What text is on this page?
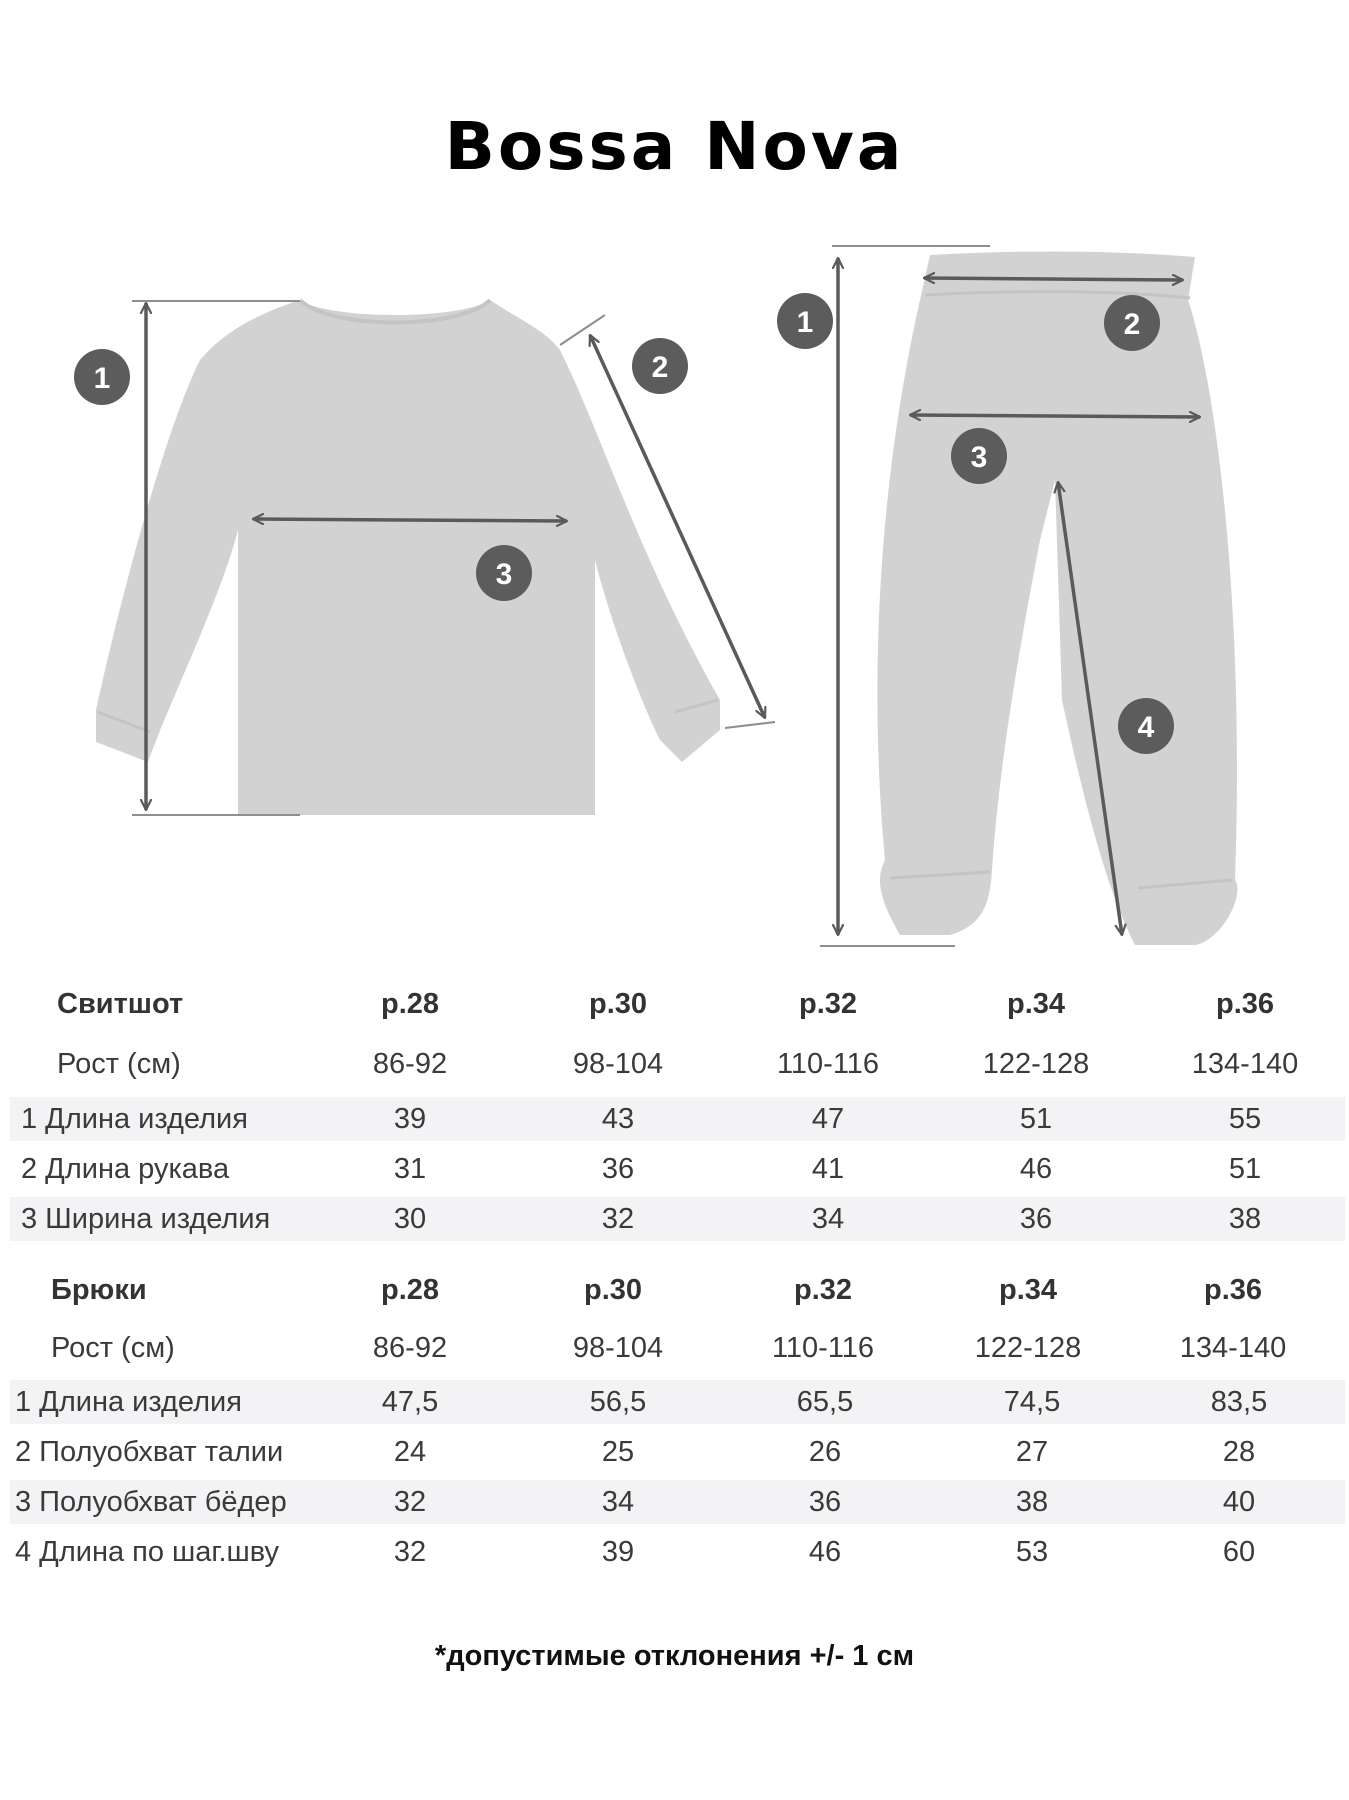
Bossa Nova
1	2
3
1	2
3
4
Свитшот	р.28	р.30	р.32	р.34	р.36
Рост (см)	86-92	98-104	110-116	122-128	134-140
1 Длина изделия	39	43	47	51	55
2 Длина рукава	31	36	41	46	51
3 Ширина изделия	30	32	34	36	38
Брюки	р.28	р.30	р.32	р.34	р.36
Рост (см)	86-92	98-104	110-116	122-128	134-140
1 Длина изделия	47,5	56,5	65,5	74,5	83,5
2 Полуобхват талии	24	25	26	27	28
3 Полуобхват бёдер	32	34	36	38	40
4 Длина по шаг.шву	32	39	46	53	60
*допустимые отклонения +/- 1 см
